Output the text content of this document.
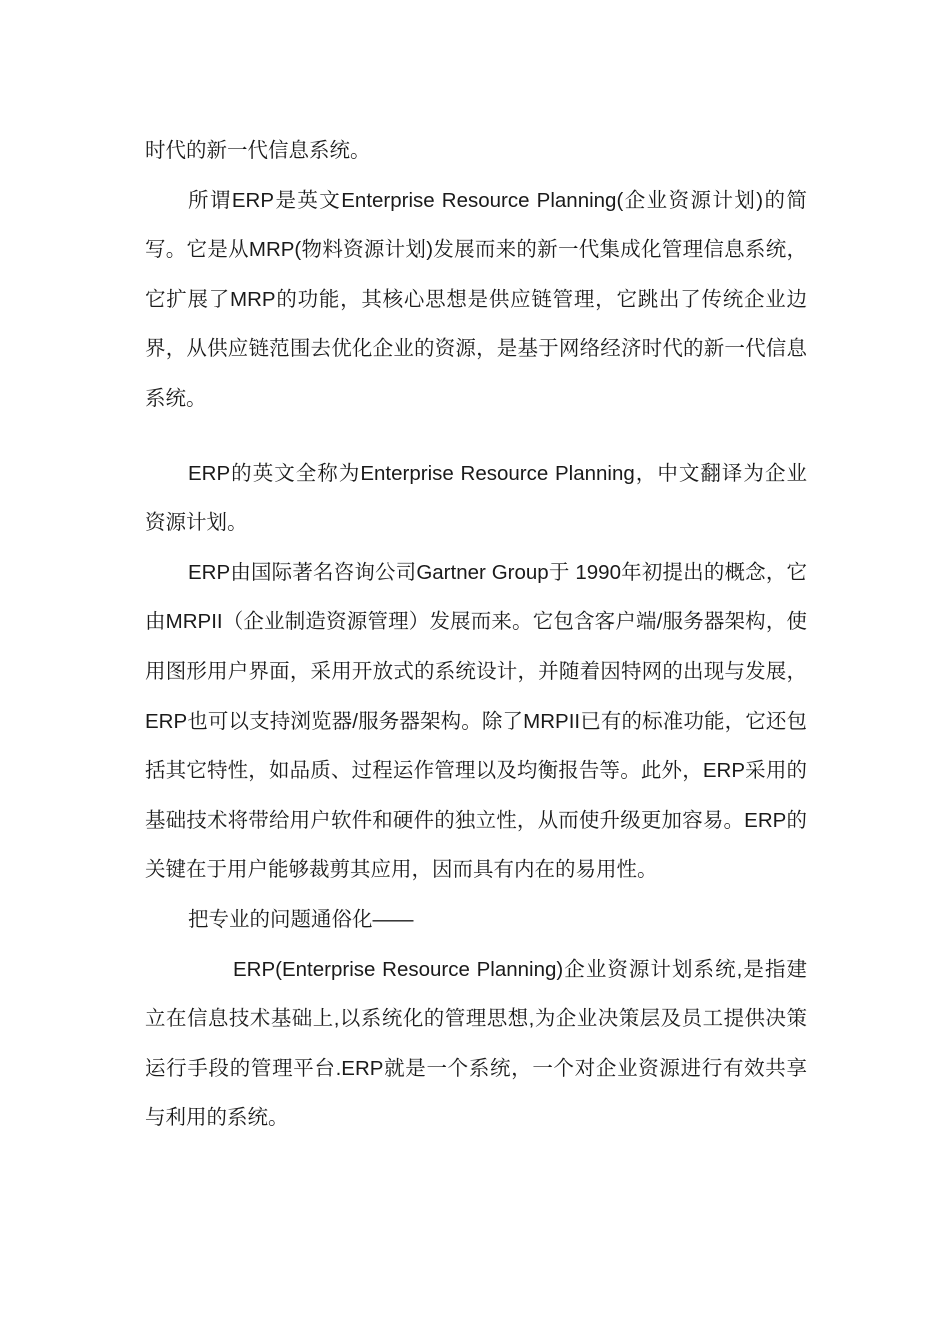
时代的新一代信息系统。

所谓ERP是英文Enterprise Resource Planning(企业资源计划)的简写。它是从MRP(物料资源计划)发展而来的新一代集成化管理信息系统，它扩展了MRP的功能，其核心思想是供应链管理，它跳出了传统企业边界，从供应链范围去优化企业的资源，是基于网络经济时代的新一代信息系统。

ERP的英文全称为Enterprise Resource Planning，中文翻译为企业资源计划。

ERP由国际著名咨询公司Gartner Group于 1990年初提出的概念，它由MRPII（企业制造资源管理）发展而来。它包含客户端/服务器架构，使用图形用户界面，采用开放式的系统设计，并随着因特网的出现与发展，ERP也可以支持浏览器/服务器架构。除了MRPII已有的标准功能，它还包括其它特性，如品质、过程运作管理以及均衡报告等。此外，ERP采用的基础技术将带给用户软件和硬件的独立性，从而使升级更加容易。ERP的关键在于用户能够裁剪其应用，因而具有内在的易用性。

把专业的问题通俗化——

ERP(Enterprise Resource Planning)企业资源计划系统,是指建立在信息技术基础上,以系统化的管理思想,为企业决策层及员工提供决策运行手段的管理平台.ERP就是一个系统，一个对企业资源进行有效共享与利用的系统。
